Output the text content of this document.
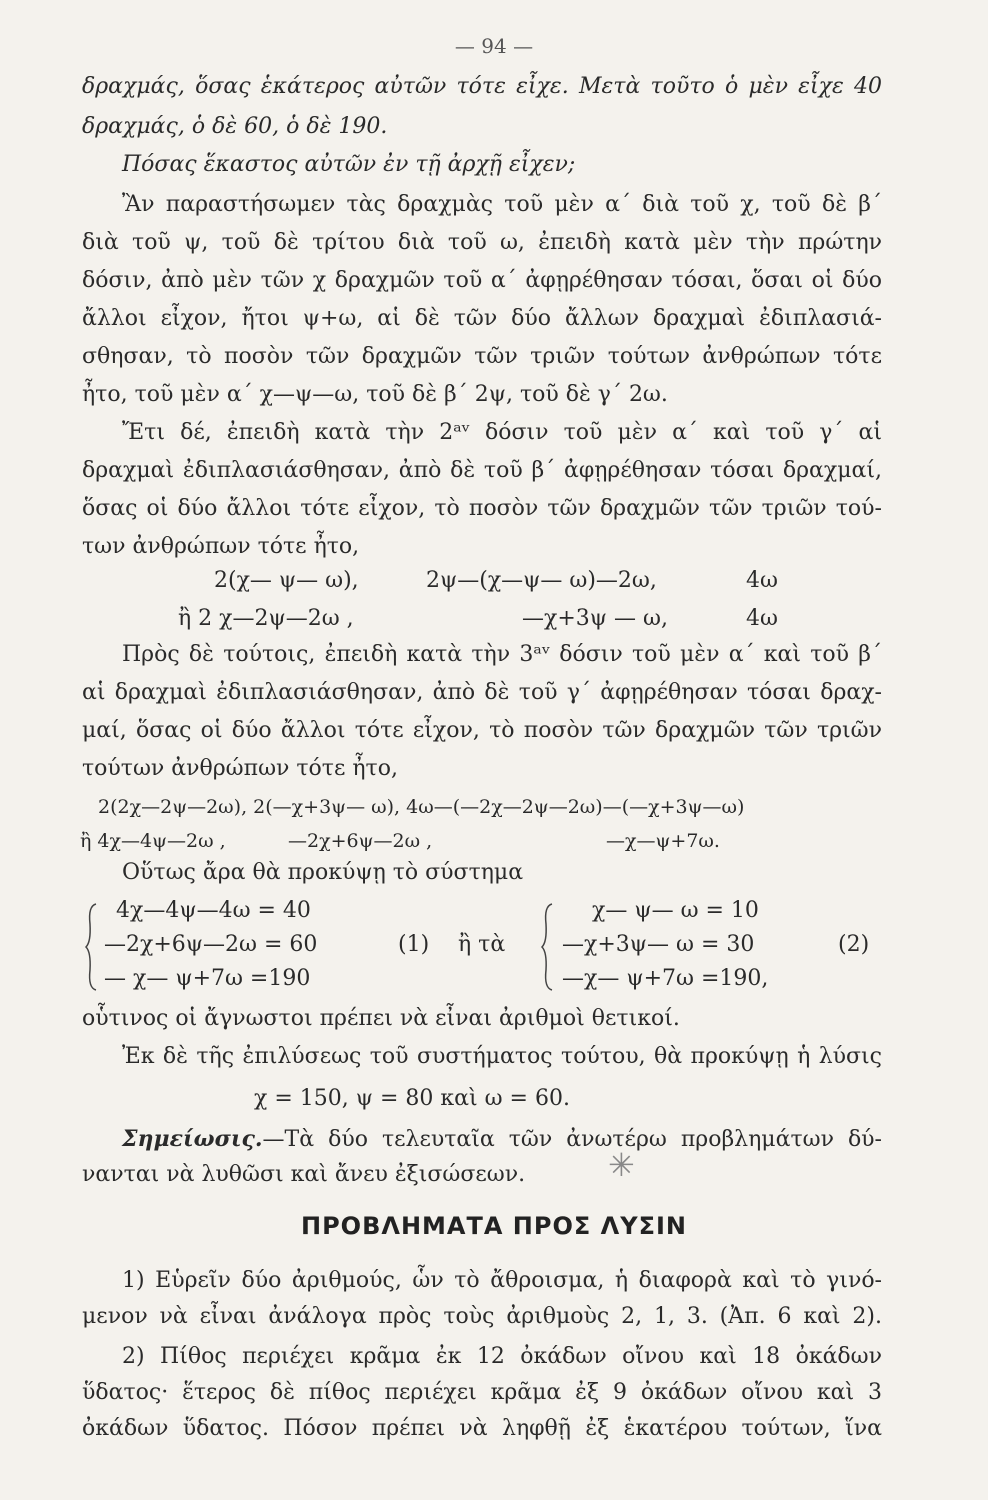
— 94 —
δραχμάς, ὅσας ἑκάτερος αὐτῶν τότε εἶχε. Μετὰ τοῦτο ὁ μὲν εἶχε 40
δραχμάς, ὁ δὲ 60, ὁ δὲ 190.
Πόσας ἕκαστος αὐτῶν ἐν τῇ ἀρχῇ εἶχεν;
Ἂν παραστήσωμεν τὰς δραχμὰς τοῦ μὲν α΄ διὰ τοῦ χ, τοῦ δὲ β΄
διὰ τοῦ ψ, τοῦ δὲ τρίτου διὰ τοῦ ω, ἐπειδὴ κατὰ μὲν τὴν πρώτην
δόσιν, ἀπὸ μὲν τῶν χ δραχμῶν τοῦ α΄ ἀφῃρέθησαν τόσαι, ὅσαι οἱ δύο
ἄλλοι εἶχον, ἤτοι ψ+ω, αἱ δὲ τῶν δύο ἄλλων δραχμαὶ ἐδιπλασιά-
σθησαν, τὸ ποσὸν τῶν δραχμῶν τῶν τριῶν τούτων ἀνθρώπων τότε
ἦτο, τοῦ μὲν α΄ χ—ψ—ω, τοῦ δὲ β΄ 2ψ, τοῦ δὲ γ΄ 2ω.
Ἔτι δέ, ἐπειδὴ κατὰ τὴν 2ᵃᵛ δόσιν τοῦ μὲν α΄ καὶ τοῦ γ΄ αἱ
δραχμαὶ ἐδιπλασιάσθησαν, ἀπὸ δὲ τοῦ β΄ ἀφῃρέθησαν τόσαι δραχμαί,
ὅσας οἱ δύο ἄλλοι τότε εἶχον, τὸ ποσὸν τῶν δραχμῶν τῶν τριῶν τού-
των ἀνθρώπων τότε ἦτο,
2(χ— ψ— ω),	2ψ—(χ—ψ— ω)—2ω,	4ω
ἢ 2 χ—2ψ—2ω ,	—χ+3ψ — ω,	4ω
Πρὸς δὲ τούτοις, ἐπειδὴ κατὰ τὴν 3ᵃᵛ δόσιν τοῦ μὲν α΄ καὶ τοῦ β΄
αἱ δραχμαὶ ἐδιπλασιάσθησαν, ἀπὸ δὲ τοῦ γ΄ ἀφῃρέθησαν τόσαι δραχ-
μαί, ὅσας οἱ δύο ἄλλοι τότε εἶχον, τὸ ποσὸν τῶν δραχμῶν τῶν τριῶν
τούτων ἀνθρώπων τότε ἦτο,
2(2χ—2ψ—2ω), 2(—χ+3ψ— ω), 4ω—(—2χ—2ψ—2ω)—(—χ+3ψ—ω)
ἢ 4χ—4ψ—2ω ,	—2χ+6ψ—2ω ,	—χ—ψ+7ω.
Οὕτως ἄρα θὰ προκύψῃ τὸ σύστημα
4χ—4ψ—4ω = 40
—2χ+6ψ—2ω = 60
— χ— ψ+7ω =190
(1) ἢ τὰ
χ— ψ— ω = 10
—χ+3ψ— ω = 30
—χ— ψ+7ω =190,
(2)
οὗτινος οἱ ἄγνωστοι πρέπει νὰ εἶναι ἀριθμοὶ θετικοί.
Ἐκ δὲ τῆς ἐπιλύσεως τοῦ συστήματος τούτου, θὰ προκύψῃ ἡ λύσις
χ = 150, ψ = 80 καὶ ω = 60.
Σημείωσις.—Τὰ δύο τελευταῖα τῶν ἀνωτέρω προβλημάτων δύ-
νανται νὰ λυθῶσι καὶ ἄνευ ἐξισώσεων.	✳
ΠΡΟΒΛΗΜΑΤΑ ΠΡΟΣ ΛΥΣΙΝ
1) Εὑρεῖν δύο ἀριθμούς, ὧν τὸ ἄθροισμα, ἡ διαφορὰ καὶ τὸ γινό-
μενον νὰ εἶναι ἀνάλογα πρὸς τοὺς ἀριθμοὺς 2, 1, 3. (Ἀπ. 6 καὶ 2).
2) Πίθος περιέχει κρᾶμα ἐκ 12 ὀκάδων οἴνου καὶ 18 ὀκάδων
ὕδατος· ἕτερος δὲ πίθος περιέχει κρᾶμα ἐξ 9 ὀκάδων οἴνου καὶ 3
ὀκάδων ὕδατος. Πόσον πρέπει νὰ ληφθῇ ἐξ ἑκατέρου τούτων, ἵνα
